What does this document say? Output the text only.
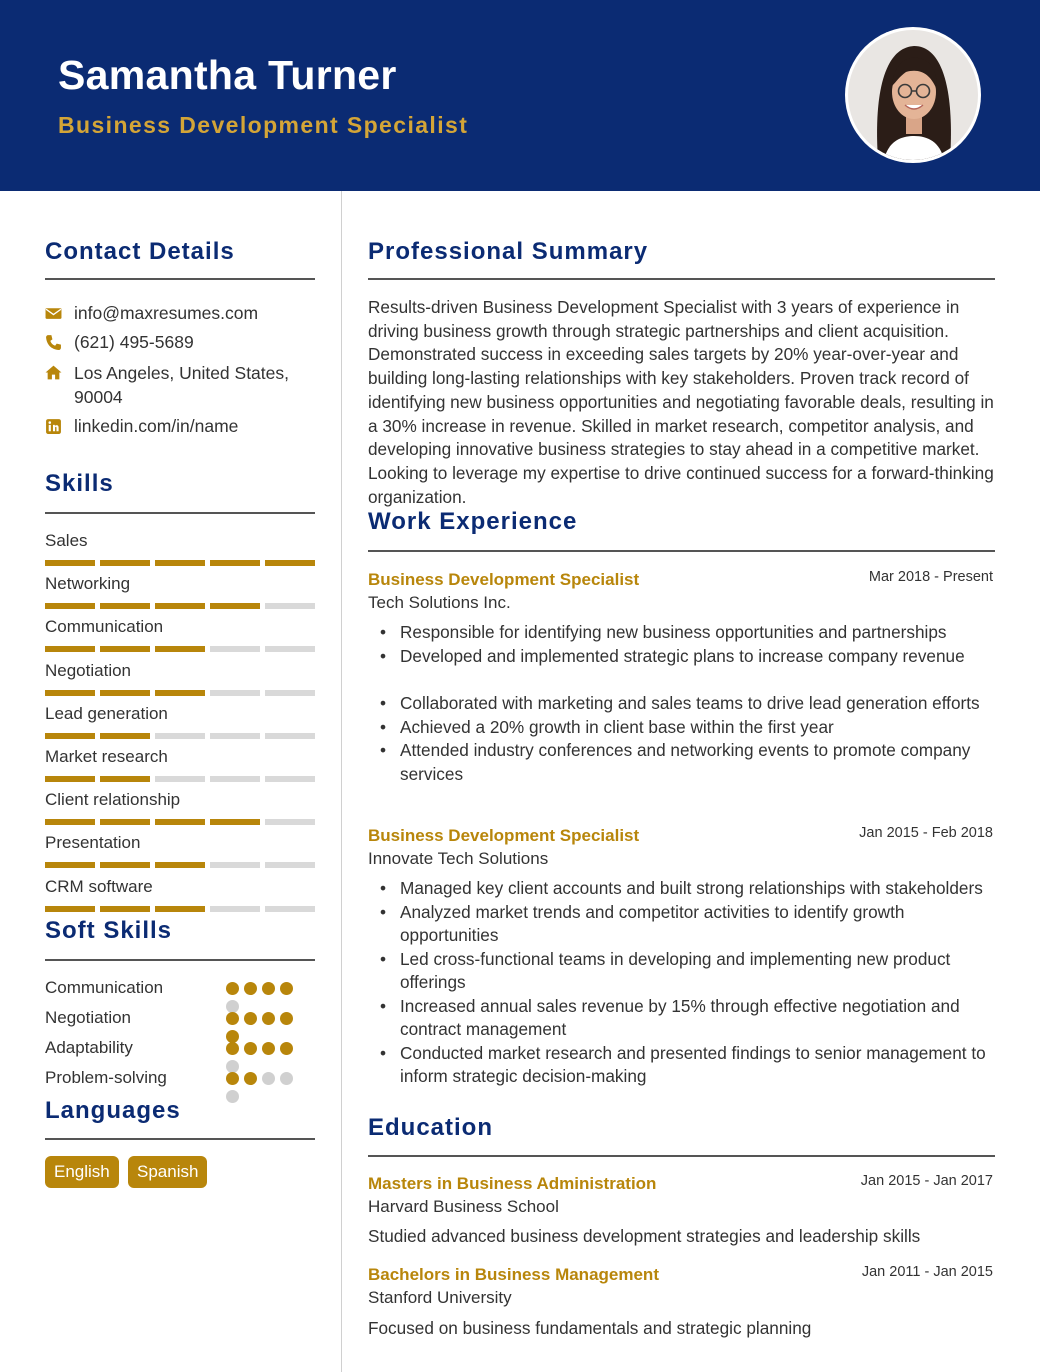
Samantha Turner
Business Development Specialist
Contact Details
info@maxresumes.com
(621) 495-5689
Los Angeles, United States,
90004
linkedin.com/in/name
Skills
Sales
Networking
Communication
Negotiation
Lead generation
Market research
Client relationship
Presentation
CRM software
Soft Skills
Communication
Negotiation
Adaptability
Problem-solving
Languages
English	Spanish
Professional Summary
Results-driven Business Development Specialist with 3 years of experience in driving business growth through strategic partnerships and client acquisition. Demonstrated success in exceeding sales targets by 20% year-over-year and building long-lasting relationships with key stakeholders. Proven track record of identifying new business opportunities and negotiating favorable deals, resulting in a 30% increase in revenue. Skilled in market research, competitor analysis, and developing innovative business strategies to stay ahead in a competitive market. Looking to leverage my expertise to drive continued success for a forward-thinking organization.
Work Experience
Business Development Specialist	Mar 2018 - Present
Tech Solutions Inc.
• Responsible for identifying new business opportunities and partnerships
• Developed and implemented strategic plans to increase company revenue
• Collaborated with marketing and sales teams to drive lead generation efforts
• Achieved a 20% growth in client base within the first year
• Attended industry conferences and networking events to promote company services
Business Development Specialist	Jan 2015 - Feb 2018
Innovate Tech Solutions
• Managed key client accounts and built strong relationships with stakeholders
• Analyzed market trends and competitor activities to identify growth opportunities
• Led cross-functional teams in developing and implementing new product offerings
• Increased annual sales revenue by 15% through effective negotiation and contract management
• Conducted market research and presented findings to senior management to inform strategic decision-making
Education
Masters in Business Administration	Jan 2015 - Jan 2017
Harvard Business School
Studied advanced business development strategies and leadership skills
Bachelors in Business Management	Jan 2011 - Jan 2015
Stanford University
Focused on business fundamentals and strategic planning
